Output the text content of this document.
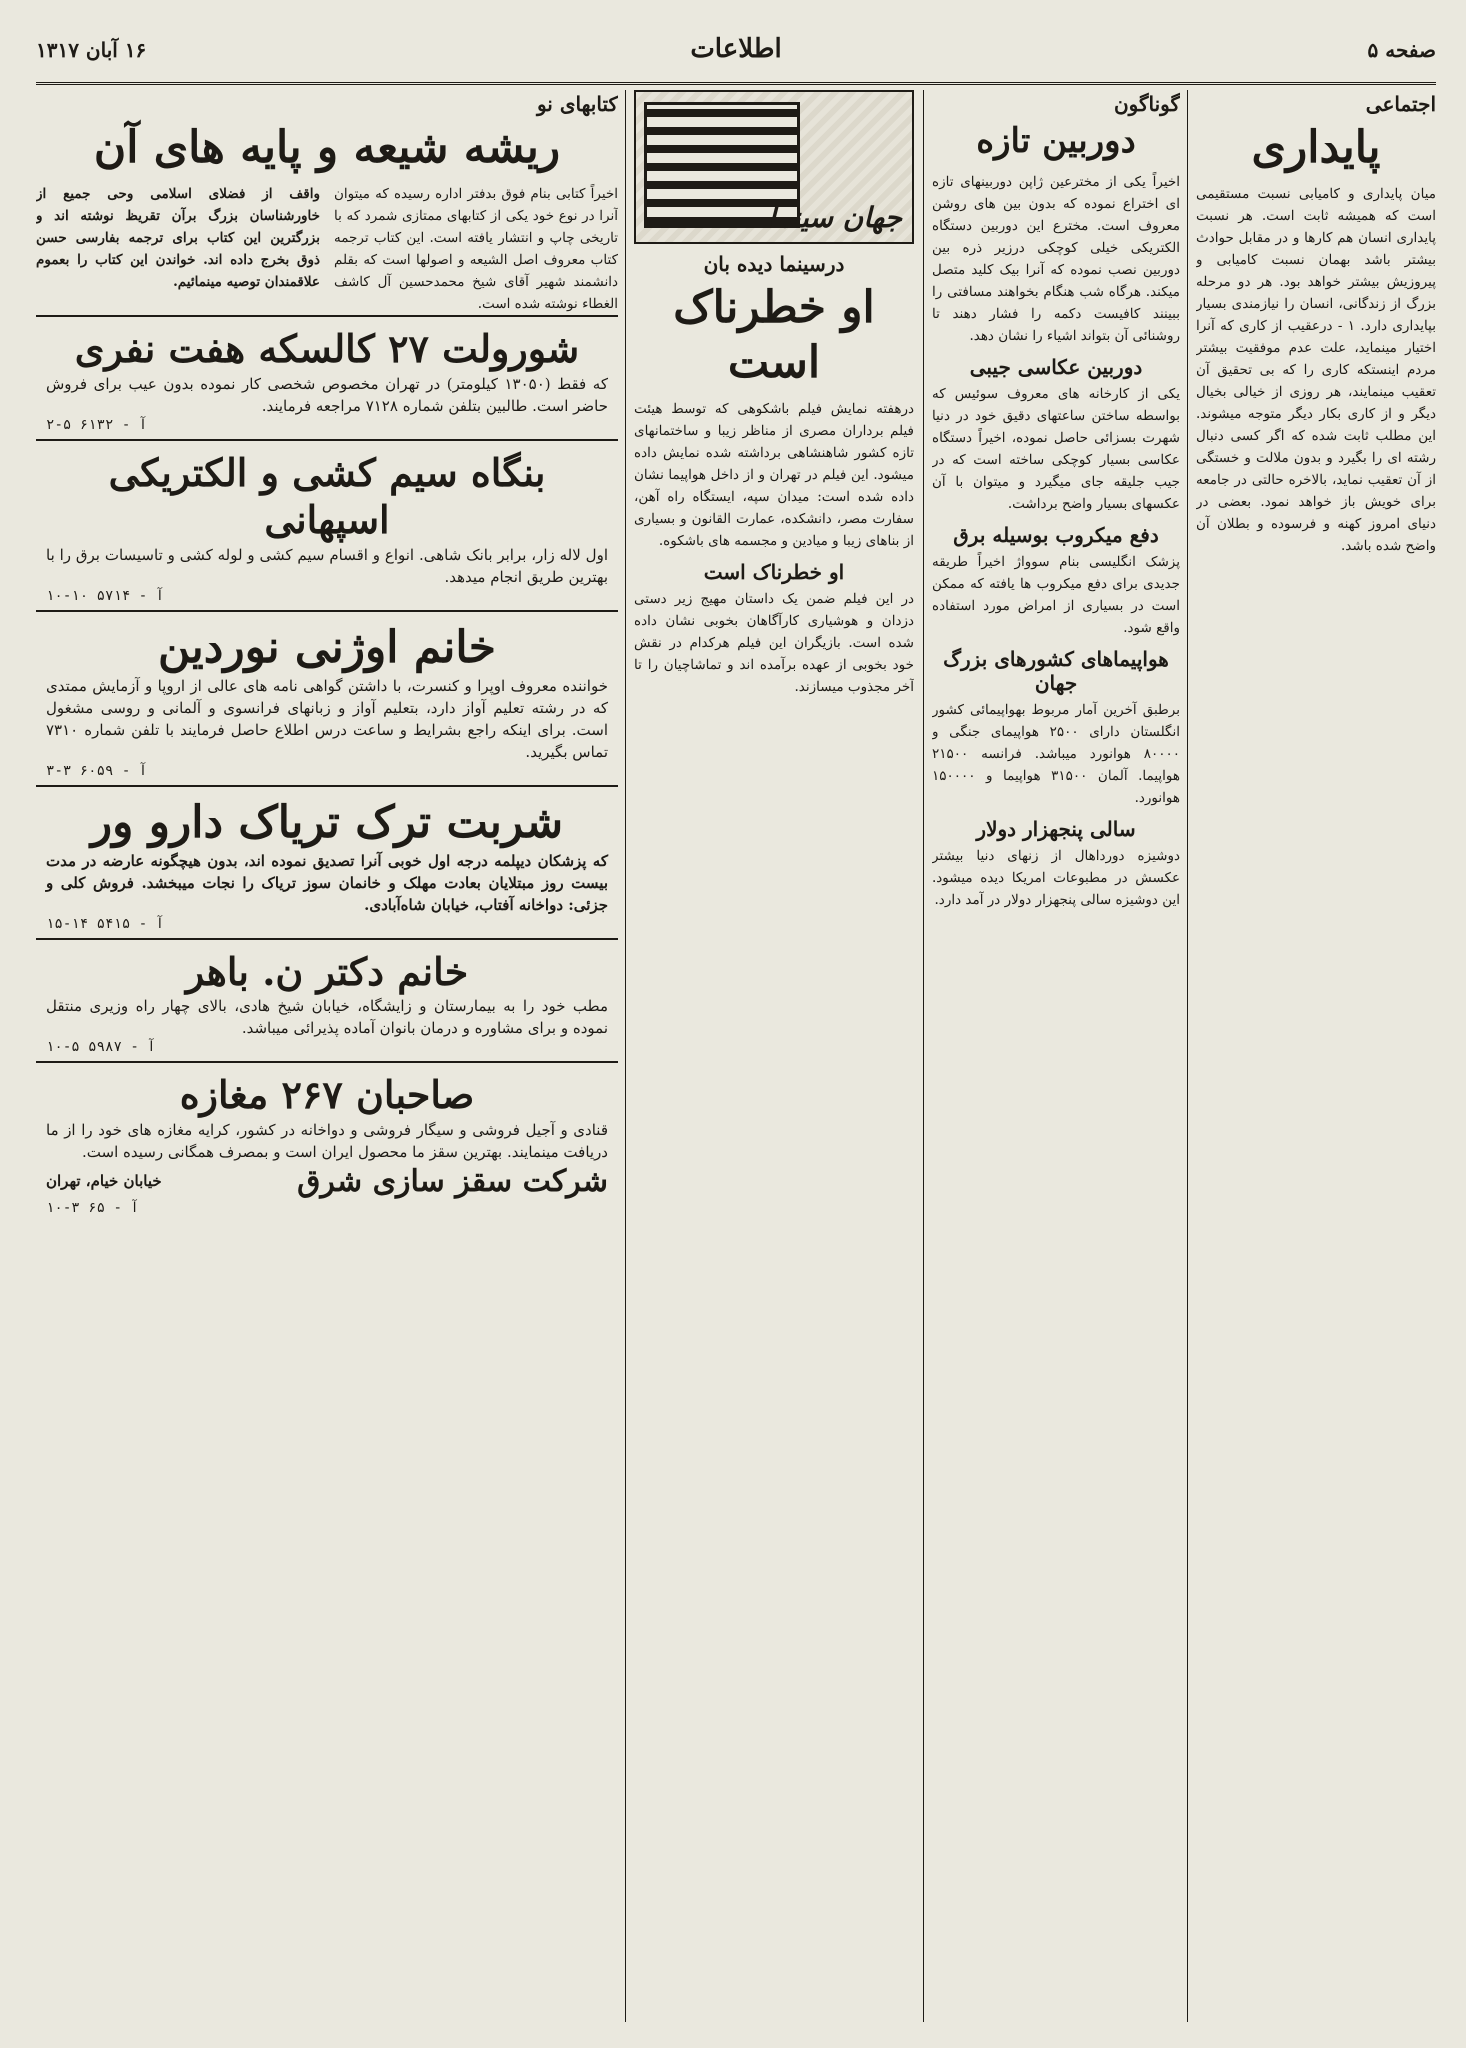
صفحه ۵
اطلاعات
۱۶ آبان ۱۳۱۷
اجتماعی
پایداری

میان پایداری و کامیابی نسبت مستقیمی است که همیشه ثابت است. هر نسبت پایداری انسان هم کارها و در مقابل حوادث بیشتر باشد بهمان نسبت کامیابی و پیروزیش بیشتر خواهد بود. هر دو مرحله بزرگ از زندگانی، انسان را نیازمندی بسیار بپایداری دارد. ۱ - درعقیب از کاری که آنرا اختیار مینماید، علت عدم موفقیت بیشتر مردم اینستکه کاری را که بی تحقیق آن تعقیب مینمایند، هر روزی از خیالی بخیال دیگر و از کاری بکار دیگر متوجه میشوند. این مطلب ثابت شده که اگر کسی دنبال رشته ای را بگیرد و بدون ملالت و خستگی از آن تعقیب نماید، بالاخره حالتی در جامعه برای خویش باز خواهد نمود. بعضی در دنیای امروز کهنه و فرسوده و بطلان آن واضح شده باشد.

گوناگون
دوربین تازه

اخیراً یکی از مخترعین ژاپن دوربینهای تازه ای اختراع نموده که بدون بین های روشن معروف است. مخترع این دوربین دستگاه الکتریکی خیلی کوچکی درزیر ذره بین دوربین نصب نموده که آنرا بیک کلید متصل میکند. هرگاه شب هنگام بخواهند مسافتی را ببینند کافیست دکمه را فشار دهند تا روشنائی آن بتواند اشیاء را نشان دهد.

دوربین عکاسی جیبی

یکی از کارخانه های معروف سوئیس که بواسطه ساختن ساعتهای دقیق خود در دنیا شهرت بسزائی حاصل نموده، اخیراً دستگاه عکاسی بسیار کوچکی ساخته است که در جیب جلیقه جای میگیرد و میتوان با آن عکسهای بسیار واضح برداشت.

دفع میکروب بوسیله برق

پزشک انگلیسی بنام سوواژ اخیراً طریقه جدیدی برای دفع میکروب ها یافته که ممکن است در بسیاری از امراض مورد استفاده واقع شود.

هواپیماهای کشورهای بزرگ جهان

برطبق آخرین آمار مربوط بهواپیمائی کشور انگلستان دارای ۲۵۰۰ هواپیمای جنگی و ۸۰۰۰۰ هوانورد میباشد. فرانسه ۲۱۵۰۰ هواپیما. آلمان ۳۱۵۰۰ هواپیما و ۱۵۰۰۰۰ هوانورد.

سالی پنجهزار دولار

دوشیزه دورداهال از زنهای دنیا بیشتر عکسش در مطبوعات امریکا دیده میشود. این دوشیزه سالی پنجهزار دولار در آمد دارد.

جهان سینما
درسینما دیده بان
او خطرناک است

درهفته نمایش فیلم باشکوهی که توسط هیئت فیلم برداران مصری از مناظر زیبا و ساختمانهای تازه کشور شاهنشاهی برداشته شده نمایش داده میشود. این فیلم در تهران و از داخل هواپیما نشان داده شده است: میدان سپه، ایستگاه راه آهن، سفارت مصر، دانشکده، عمارت القانون و بسیاری از بناهای زیبا و میادین و مجسمه های باشکوه.

او خطرناک است

در این فیلم ضمن یک داستان مهیج زیر دستی دزدان و هوشیاری کارآگاهان بخوبی نشان داده شده است. بازیگران این فیلم هرکدام در نقش خود بخوبی از عهده برآمده اند و تماشاچیان را تا آخر مجذوب میسازند.

کتابهای نو
ریشه شیعه و پایه های آن

اخیراً کتابی بنام فوق بدفتر اداره رسیده که میتوان آنرا در نوع خود یکی از کتابهای ممتازی شمرد که با تاریخی چاپ و انتشار یافته است. این کتاب ترجمه کتاب معروف اصل الشیعه و اصولها است که بقلم دانشمند شهیر آقای شیخ محمدحسین آل کاشف الغطاء نوشته شده است.

واقف از فضلای اسلامی وحی جمیع از خاورشناسان بزرگ برآن تقریظ نوشته اند و بزرگترین این کتاب برای ترجمه بفارسی حسن ذوق بخرج داده اند. خواندن این کتاب را بعموم علاقمندان توصیه مینمائیم.

شورولت ۲۷ کالسکه هفت نفری
که فقط (۱۳۰۵۰ کیلومتر) در تهران مخصوص شخصی کار نموده بدون عیب برای فروش حاضر است. طالبین بتلفن شماره ۷۱۲۸ مراجعه فرمایند.
آ - ۶۱۳۲ ۵-۲
بنگاه سیم کشی و الکتریکی اسپهانی
اول لاله زار، برابر بانک شاهی. انواع و اقسام سیم کشی و لوله کشی و تاسیسات برق را با بهترین طریق انجام میدهد.
آ - ۵۷۱۴ ۱۰-۱۰
خانم اوژنی نوردین
خواننده معروف اوپرا و کنسرت، با داشتن گواهی نامه های عالی از اروپا و آزمایش ممتدی که در رشته تعلیم آواز دارد، بتعلیم آواز و زبانهای فرانسوی و آلمانی و روسی مشغول است. برای اینکه راجع بشرایط و ساعت درس اطلاع حاصل فرمایند با تلفن شماره ۷۳۱۰ تماس بگیرید.
آ - ۶۰۵۹ ۳-۳
شربت ترک تریاک دارو ور
که پزشکان دیپلمه درجه اول خوبی آنرا تصدیق نموده اند، بدون هیچگونه عارضه در مدت بیست روز مبتلایان بعادت مهلک و خانمان سوز تریاک را نجات میبخشد. فروش کلی و جزئی: دواخانه آفتاب، خیابان شاه‌آبادی.
آ - ۵۴۱۵ ۱۴-۱۵
خانم دکتر ن. باهر
مطب خود را به بیمارستان و زایشگاه، خیابان شیخ هادی، بالای چهار راه وزیری منتقل نموده و برای مشاوره و درمان بانوان آماده پذیرائی میباشد.
آ - ۵۹۸۷ ۵-۱۰
صاحبان ۲۶۷ مغازه
قنادی و آجیل فروشی و سیگار فروشی و دواخانه در کشور، کرایه مغازه های خود را از ما دریافت مینمایند. بهترین سقز ما محصول ایران است و بمصرف همگانی رسیده است.
شرکت سقز سازی شرق
خیابان خیام، تهران
آ - ۶۵ ۳-۱۰
